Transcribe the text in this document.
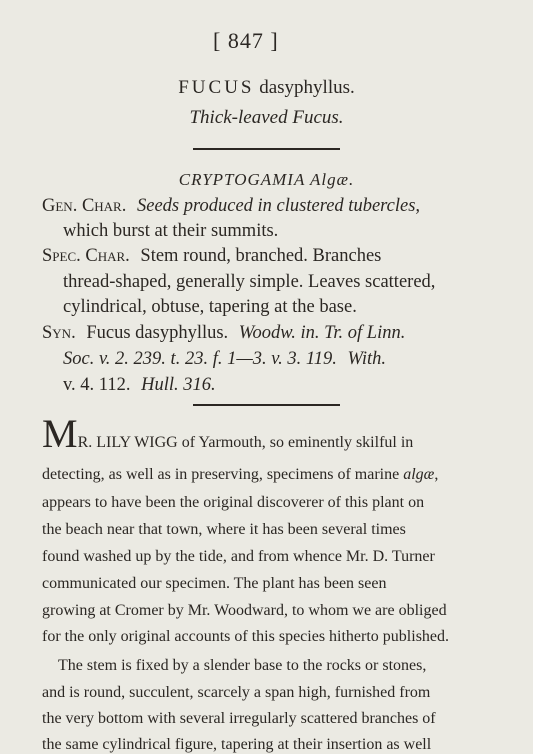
[ 847 ]
FUCUS dasyphyllus.
Thick-leaved Fucus.
CRYPTOGAMIA Algæ.
Gen. Char. Seeds produced in clustered tubercles,
which burst at their summits.
Spec. Char. Stem round, branched. Branches
thread-shaped, generally simple. Leaves scattered,
cylindrical, obtuse, tapering at the base.
Syn. Fucus dasyphyllus. Woodw. in. Tr. of Linn.
Soc. v. 2. 239. t. 23. f. 1—3. v. 3. 119. With.
v. 4. 112. Hull. 316.
MR. LILY WIGG of Yarmouth, so eminently skilful in
detecting, as well as in preserving, specimens of marine algæ,
appears to have been the original discoverer of this plant on
the beach near that town, where it has been several times
found washed up by the tide, and from whence Mr. D. Turner
communicated our specimen. The plant has been seen
growing at Cromer by Mr. Woodward, to whom we are obliged
for the only original accounts of this species hitherto published.
The stem is fixed by a slender base to the rocks or stones,
and is round, succulent, scarcely a span high, furnished from
the very bottom with several irregularly scattered branches of
the same cylindrical figure, tapering at their insertion as well
